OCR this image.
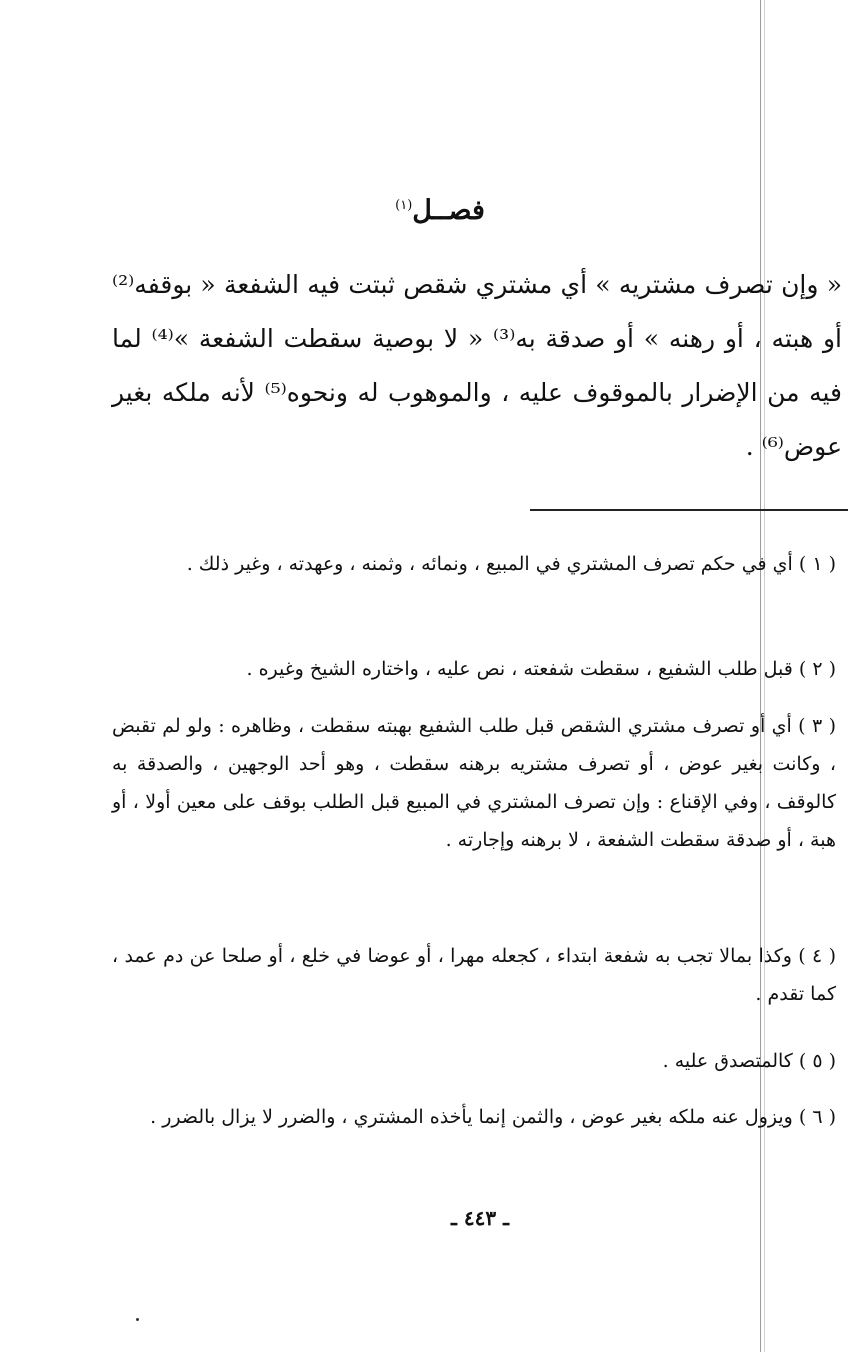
فصــل$^{(١)}$

« وإن تصرف مشتريه » أي مشتري شقص ثبتت فيه الشفعة « بوقفه⁽²⁾ أو هبته ، أو رهنه » أو صدقة به⁽³⁾ « لا بوصية سقطت الشفعة »⁽⁴⁾ لما فيه من الإضرار بالموقوف عليه ، والموهوب له ونحوه⁽⁵⁾ لأنه ملكه بغير عوض⁽⁶⁾ .

( ١ ) أي في حكم تصرف المشتري في المبيع ، ونمائه ، وثمنه ، وعهدته ، وغير ذلك .

( ٢ ) قبل طلب الشفيع ، سقطت شفعته ، نص عليه ، واختاره الشيخ وغيره .

( ٣ ) أي أو تصرف مشتري الشقص قبل طلب الشفيع بهبته سقطت ، وظاهره : ولو لم تقبض ، وكانت بغير عوض ، أو تصرف مشتريه برهنه سقطت ، وهو أحد الوجهين ، والصدقة به كالوقف ، وفي الإقناع : وإن تصرف المشتري في المبيع قبل الطلب بوقف على معين أولا ، أو هبة ، أو صدقة سقطت الشفعة ، لا برهنه وإجارته .

( ٤ ) وكذا بمالا تجب به شفعة ابتداء ، كجعله مهرا ، أو عوضا في خلع ، أو صلحا عن دم عمد ، كما تقدم .

( ٥ ) كالمتصدق عليه .

( ٦ ) ويزول عنه ملكه بغير عوض ، والثمن إنما يأخذه المشتري ، والضرر لا يزال بالضرر .

ـ ٤٤٣ ـ
